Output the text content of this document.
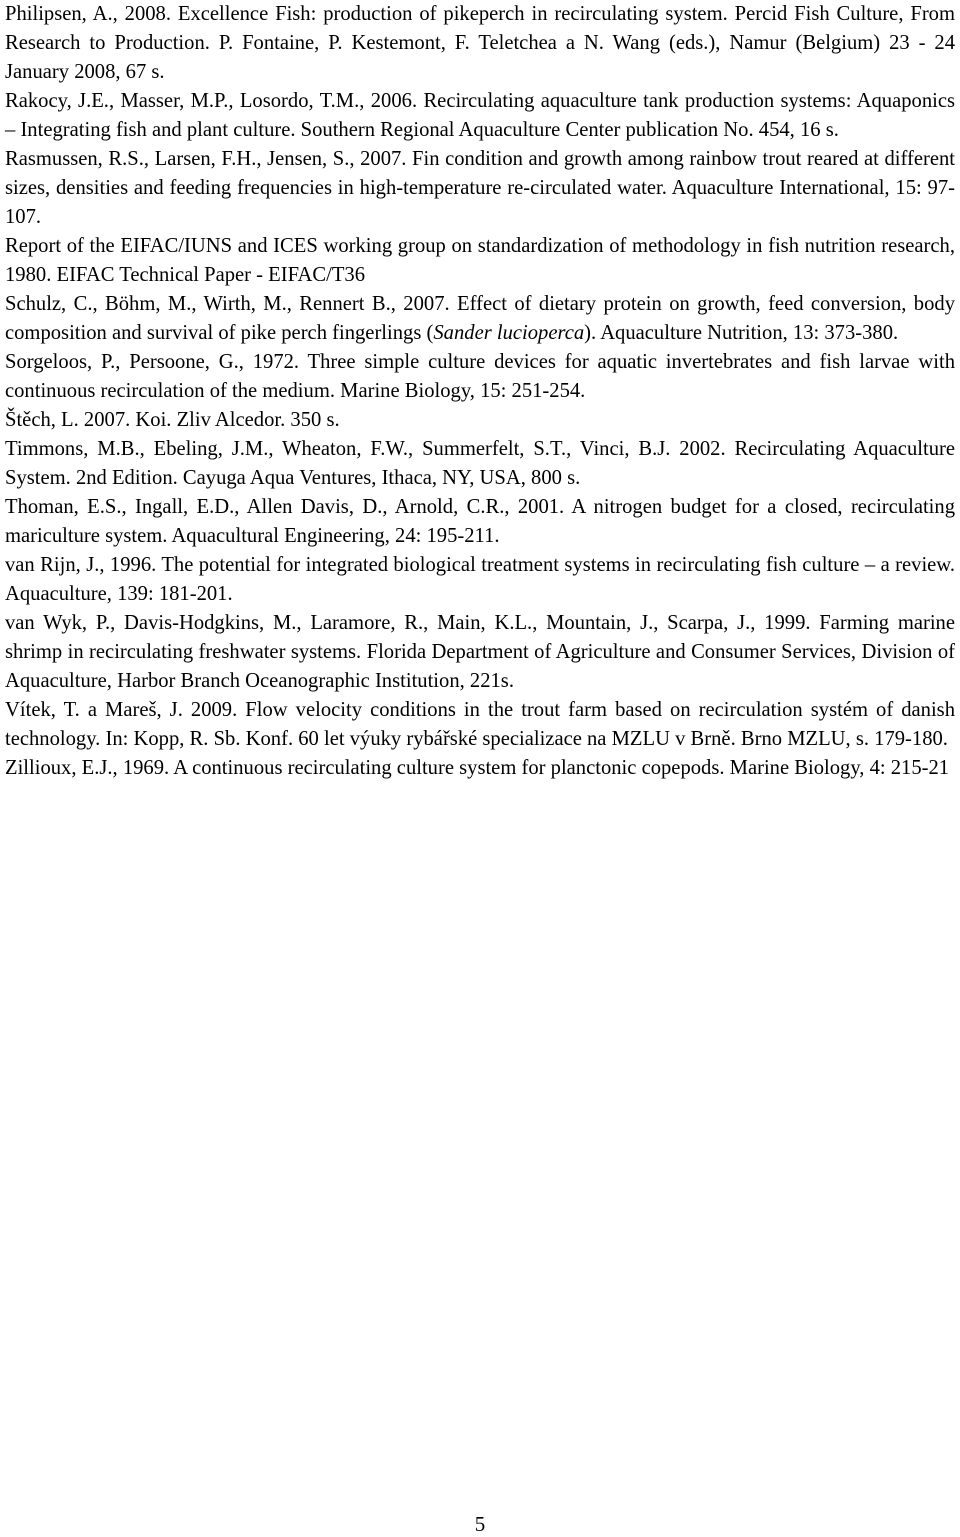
Philipsen, A., 2008. Excellence Fish: production of pikeperch in recirculating system. Percid Fish Culture, From Research to Production. P. Fontaine, P. Kestemont, F. Teletchea a N. Wang (eds.), Namur (Belgium) 23 - 24 January 2008, 67 s.

Rakocy, J.E., Masser, M.P., Losordo, T.M., 2006. Recirculating aquaculture tank production systems: Aquaponics – Integrating fish and plant culture. Southern Regional Aquaculture Center publication No. 454, 16 s.

Rasmussen, R.S., Larsen, F.H., Jensen, S., 2007. Fin condition and growth among rainbow trout reared at different sizes, densities and feeding frequencies in high-temperature re-circulated water. Aquaculture International, 15: 97-107.

Report of the EIFAC/IUNS and ICES working group on standardization of methodology in fish nutrition research, 1980. EIFAC Technical Paper - EIFAC/T36

Schulz, C., Böhm, M., Wirth, M., Rennert B., 2007. Effect of dietary protein on growth, feed conversion, body composition and survival of pike perch fingerlings (Sander lucioperca). Aquaculture Nutrition, 13: 373-380.

Sorgeloos, P., Persoone, G., 1972. Three simple culture devices for aquatic invertebrates and fish larvae with continuous recirculation of the medium. Marine Biology, 15: 251-254.

Štěch, L. 2007. Koi. Zliv Alcedor. 350 s.

Timmons, M.B., Ebeling, J.M., Wheaton, F.W., Summerfelt, S.T., Vinci, B.J. 2002. Recirculating Aquaculture System. 2nd Edition. Cayuga Aqua Ventures, Ithaca, NY, USA, 800 s.

Thoman, E.S., Ingall, E.D., Allen Davis, D., Arnold, C.R., 2001. A nitrogen budget for a closed, recirculating mariculture system. Aquacultural Engineering, 24: 195-211.

van Rijn, J., 1996. The potential for integrated biological treatment systems in recirculating fish culture – a review. Aquaculture, 139: 181-201.

van Wyk, P., Davis-Hodgkins, M., Laramore, R., Main, K.L., Mountain, J., Scarpa, J., 1999. Farming marine shrimp in recirculating freshwater systems. Florida Department of Agriculture and Consumer Services, Division of Aquaculture, Harbor Branch Oceanographic Institution, 221s.

Vítek, T. a Mareš, J. 2009. Flow velocity conditions in the trout farm based on recirculation systém of danish technology. In: Kopp, R. Sb. Konf. 60 let výuky rybářské specializace na MZLU v Brně. Brno MZLU, s. 179-180.

Zillioux, E.J., 1969. A continuous recirculating culture system for planctonic copepods. Marine Biology, 4: 215-21

5
